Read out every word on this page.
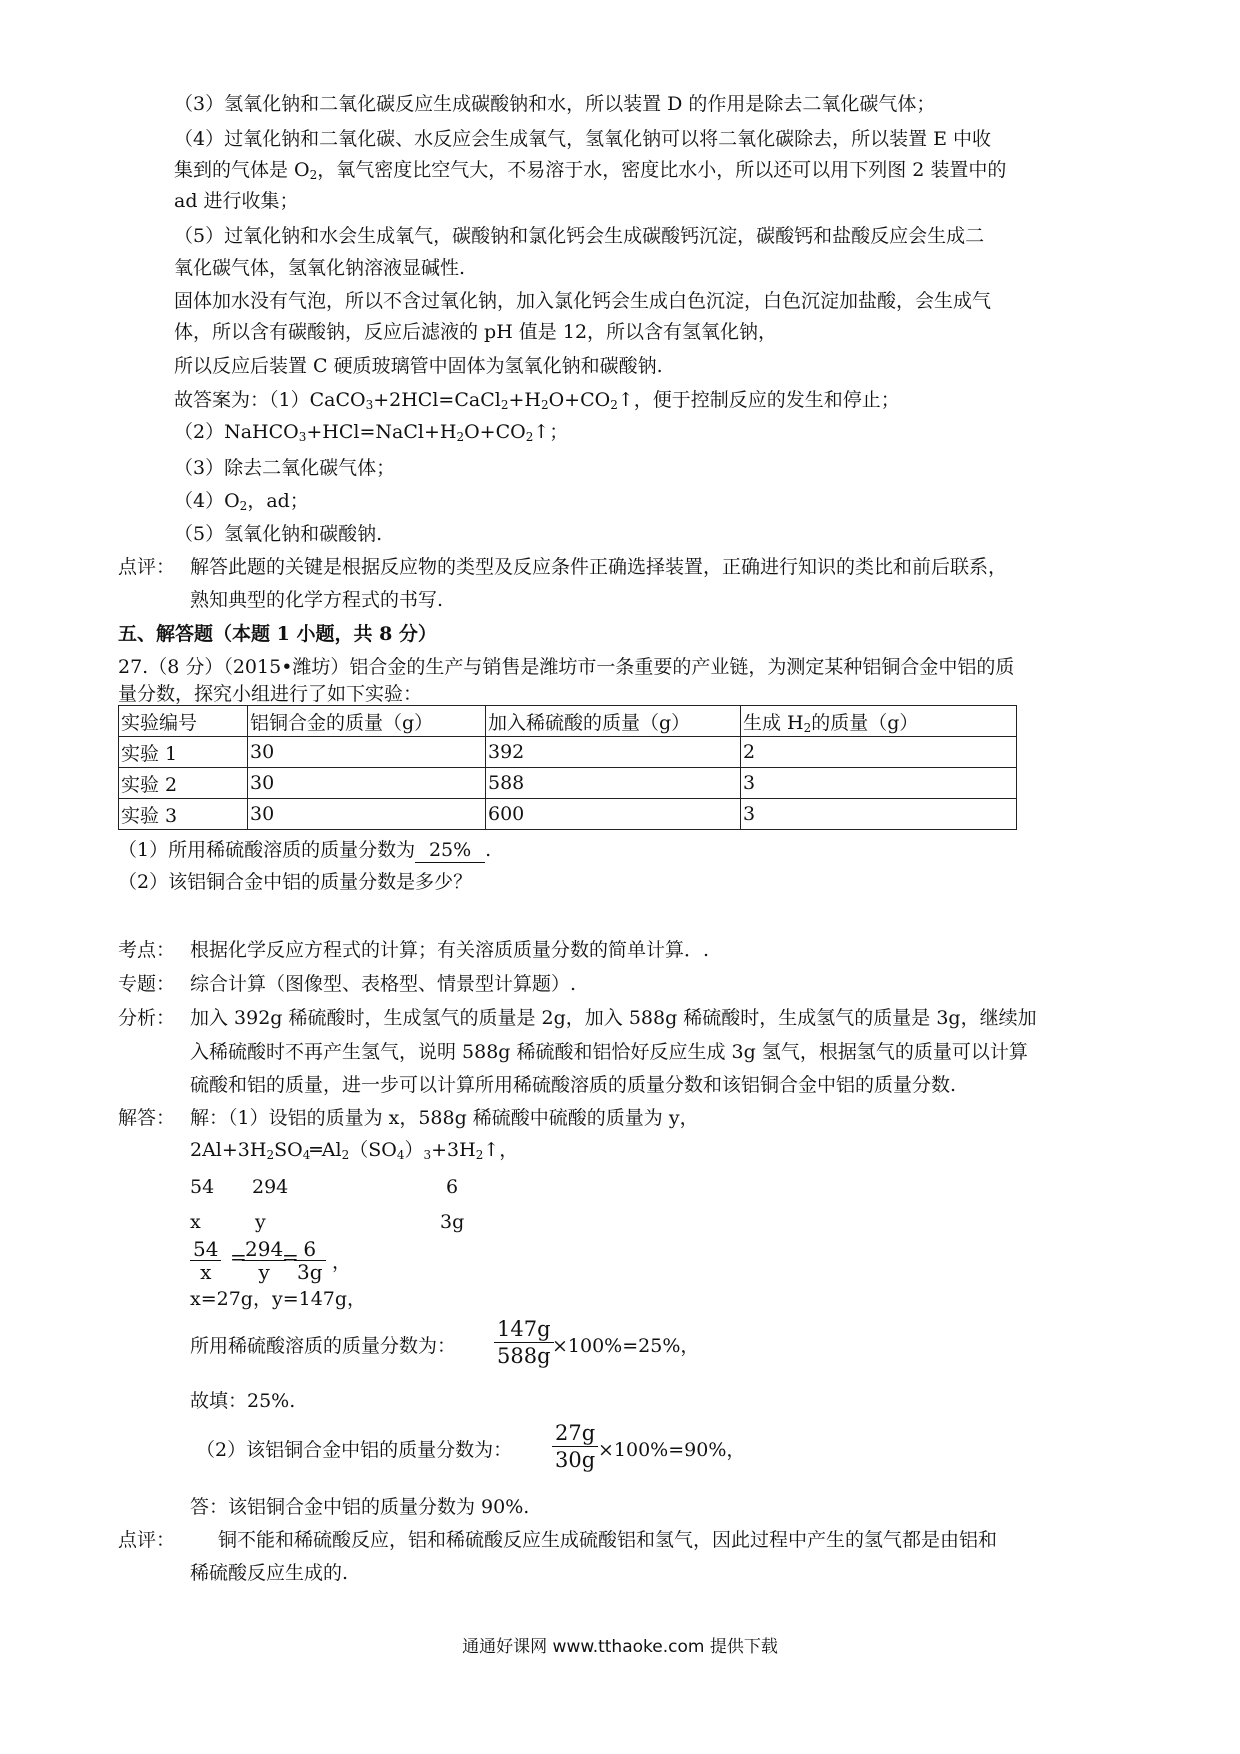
（3）氢氧化钠和二氧化碳反应生成碳酸钠和水，所以装置 D 的作用是除去二氧化碳气体；
（4）过氧化钠和二氧化碳、水反应会生成氧气，氢氧化钠可以将二氧化碳除去，所以装置 E 中收
集到的气体是 $O_2$，氧气密度比空气大，不易溶于水，密度比水小，所以还可以用下列图 2 装置中的
ad 进行收集；
（5）过氧化钠和水会生成氧气，碳酸钠和氯化钙会生成碳酸钙沉淀，碳酸钙和盐酸反应会生成二
氧化碳气体，氢氧化钠溶液显碱性.
固体加水没有气泡，所以不含过氧化钠，加入氯化钙会生成白色沉淀，白色沉淀加盐酸，会生成气
体，所以含有碳酸钠，反应后滤液的 pH 值是 12，所以含有氢氧化钠，
所以反应后装置 C 硬质玻璃管中固体为氢氧化钠和碳酸钠.
故答案为：$(1)CaCO_3+2HCl=CaCl_2+H_2O+CO_2↑$，便于控制反应的发生和停止；
$(2)NaHCO_3+HCl=NaCl+H_2O+CO_2↑$；
（3）除去二氧化碳气体；
$(4)O_2$，ad；
（5）氢氧化钠和碳酸钠.
点评： 解答此题的关键是根据反应物的类型及反应条件正确选择装置，正确进行知识的类比和前后联系，
熟知典型的化学方程式的书写.
五、解答题（本题 1 小题，共 8 分）
27.（8 分）（2015•潍坊）铝合金的生产与销售是潍坊市一条重要的产业链，为测定某种铝铜合金中铝的质
量分数，探究小组进行了如下实验：
实验编号	铝铜合金的质量（g）	加入稀硫酸的质量（g）	生成 $H_2$的质量（g）
实验 1	30	392	2
实验 2	30	588	3
实验 3	30	600	3
（1）所用稀硫酸溶质的质量分数为 25% .
（2）该铝铜合金中铝的质量分数是多少？
考点： 根据化学反应方程式的计算；有关溶质质量分数的简单计算．.
专题： 综合计算（图像型、表格型、情景型计算题）.
分析： 加入 392g 稀硫酸时，生成氢气的质量是 2g，加入 588g 稀硫酸时，生成氢气的质量是 3g，继续加
入稀硫酸时不再产生氢气，说明 588g 稀硫酸和铝恰好反应生成 3g 氢气，根据氢气的质量可以计算
硫酸和铝的质量，进一步可以计算所用稀硫酸溶质的质量分数和该铝铜合金中铝的质量分数.
解答： 解：（1）设铝的质量为 x，588g 稀硫酸中硫酸的质量为 y，
$2Al+3H_2SO_4═Al_2(SO_4)_3+3H_2↑$，
54 294	6
x	y	3g
$\frac{54}{x}$ =
$\frac{294}{y}$
=
$\frac{6}{3g}$ ，
x=27g，y=147g，
所用稀硫酸溶质的质量分数为： $\frac{147g}{588g}$
×100%=25%，
故填：25%.
（2）该铝铜合金中铝的质量分数为： $\frac{27g}{30g} \times 100\%=90\%$，
答：该铝铜合金中铝的质量分数为 90%.
点评： 铜不能和稀硫酸反应，铝和稀硫酸反应生成硫酸铝和氢气，因此过程中产生的氢气都是由铝和
稀硫酸反应生成的.
通通好课网 www.tthaoke.com 提供下载
